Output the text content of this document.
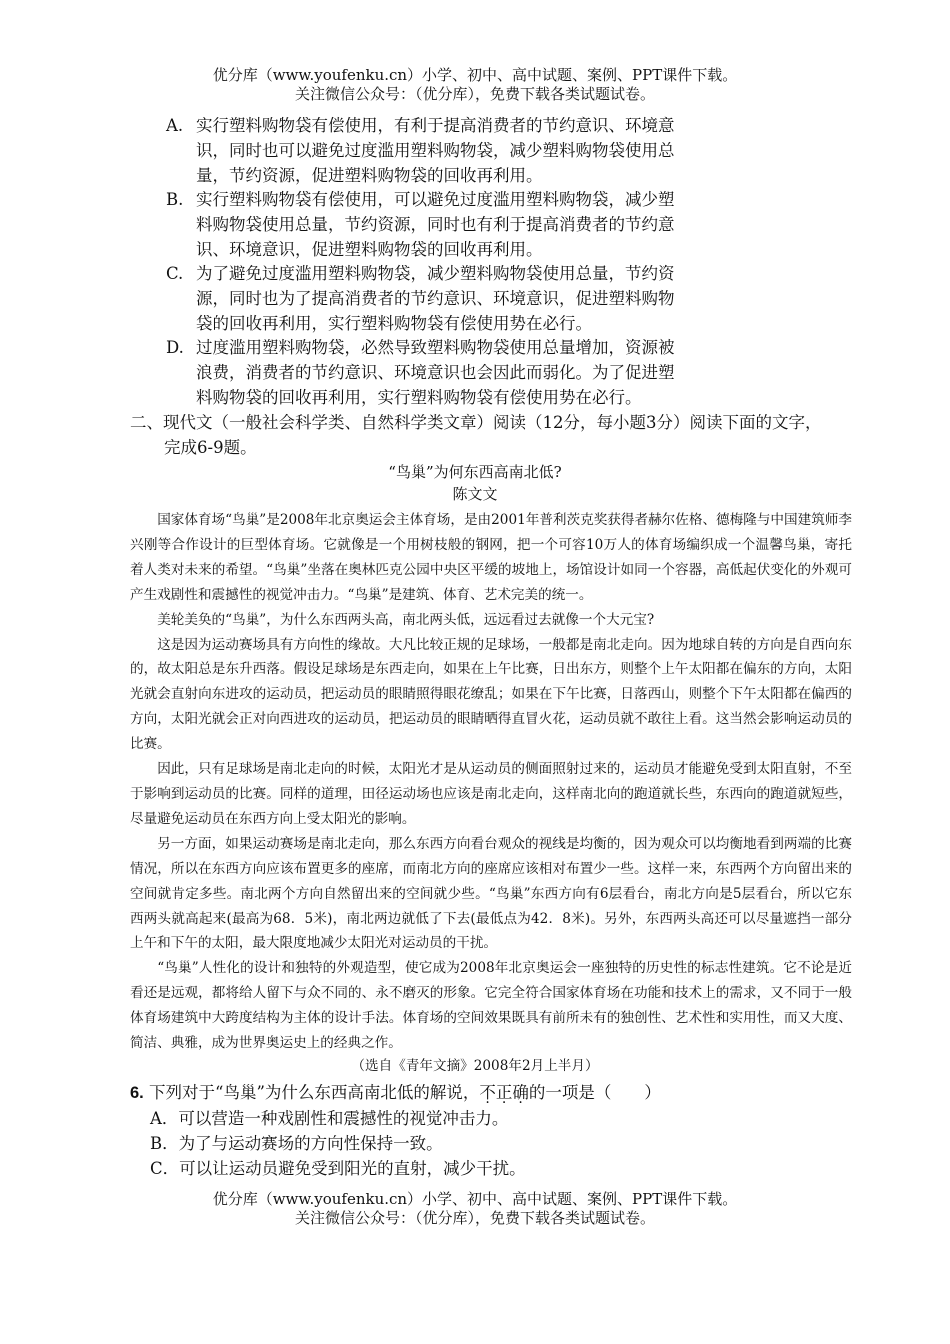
优分库（www.youfenku.cn）小学、初中、高中试题、案例、PPT课件下载。
关注微信公众号：（优分库），免费下载各类试题试卷。
A. 实行塑料购物袋有偿使用，有利于提高消费者的节约意识、环境意识，同时也可以避免过度滥用塑料购物袋，减少塑料购物袋使用总量，节约资源，促进塑料购物袋的回收再利用。
B. 实行塑料购物袋有偿使用，可以避免过度滥用塑料购物袋，减少塑料购物袋使用总量，节约资源，同时也有利于提高消费者的节约意识、环境意识，促进塑料购物袋的回收再利用。
C. 为了避免过度滥用塑料购物袋，减少塑料购物袋使用总量，节约资源，同时也为了提高消费者的节约意识、环境意识，促进塑料购物袋的回收再利用，实行塑料购物袋有偿使用势在必行。
D. 过度滥用塑料购物袋，必然导致塑料购物袋使用总量增加，资源被浪费，消费者的节约意识、环境意识也会因此而弱化。为了促进塑料购物袋的回收再利用，实行塑料购物袋有偿使用势在必行。
二、现代文（一般社会科学类、自然科学类文章）阅读（12分，每小题3分）阅读下面的文字，
完成6-9题。
“鸟巢”为何东西高南北低?
陈文文

国家体育场“鸟巢”是2008年北京奥运会主体育场，是由2001年普利茨克奖获得者赫尔佐格、德梅隆与中国建筑师李兴刚等合作设计的巨型体育场。它就像是一个用树枝般的钢网，把一个可容10万人的体育场编织成一个温馨鸟巢，寄托着人类对未来的希望。“鸟巢”坐落在奥林匹克公园中央区平缓的坡地上，场馆设计如同一个容器，高低起伏变化的外观可产生戏剧性和震撼性的视觉冲击力。“鸟巢”是建筑、体育、艺术完美的统一。

美轮美奂的“鸟巢”，为什么东西两头高，南北两头低，远远看过去就像一个大元宝?

这是因为运动赛场具有方向性的缘故。大凡比较正规的足球场，一般都是南北走向。因为地球自转的方向是自西向东的，故太阳总是东升西落。假设足球场是东西走向，如果在上午比赛，日出东方，则整个上午太阳都在偏东的方向，太阳光就会直射向东进攻的运动员，把运动员的眼睛照得眼花缭乱；如果在下午比赛，日落西山，则整个下午太阳都在偏西的方向，太阳光就会正对向西进攻的运动员，把运动员的眼睛晒得直冒火花，运动员就不敢往上看。这当然会影响运动员的比赛。

因此，只有足球场是南北走向的时候，太阳光才是从运动员的侧面照射过来的，运动员才能避免受到太阳直射，不至于影响到运动员的比赛。同样的道理，田径运动场也应该是南北走向，这样南北向的跑道就长些，东西向的跑道就短些，尽量避免运动员在东西方向上受太阳光的影响。

另一方面，如果运动赛场是南北走向，那么东西方向看台观众的视线是均衡的，因为观众可以均衡地看到两端的比赛情况，所以在东西方向应该布置更多的座席，而南北方向的座席应该相对布置少一些。这样一来，东西两个方向留出来的空间就肯定多些。南北两个方向自然留出来的空间就少些。“鸟巢”东西方向有6层看台，南北方向是5层看台，所以它东西两头就高起来(最高为68．5米)，南北两边就低了下去(最低点为42．8米)。另外，东西两头高还可以尽量遮挡一部分上午和下午的太阳，最大限度地减少太阳光对运动员的干扰。

“鸟巢”人性化的设计和独特的外观造型，使它成为2008年北京奥运会一座独特的历史性的标志性建筑。它不论是近看还是远观，都将给人留下与众不同的、永不磨灭的形象。它完全符合国家体育场在功能和技术上的需求，又不同于一般体育场建筑中大跨度结构为主体的设计手法。体育场的空间效果既具有前所未有的独创性、艺术性和实用性，而又大度、简洁、典雅，成为世界奥运史上的经典之作。

（选自《青年文摘》2008年2月上半月）
6. 下列对于“鸟巢”为什么东西高南北低的解说，不正确的一项是（　　）
A．可以营造一种戏剧性和震撼性的视觉冲击力。
B．为了与运动赛场的方向性保持一致。
C．可以让运动员避免受到阳光的直射，减少干扰。
优分库（www.youfenku.cn）小学、初中、高中试题、案例、PPT课件下载。
关注微信公众号：（优分库），免费下载各类试题试卷。
